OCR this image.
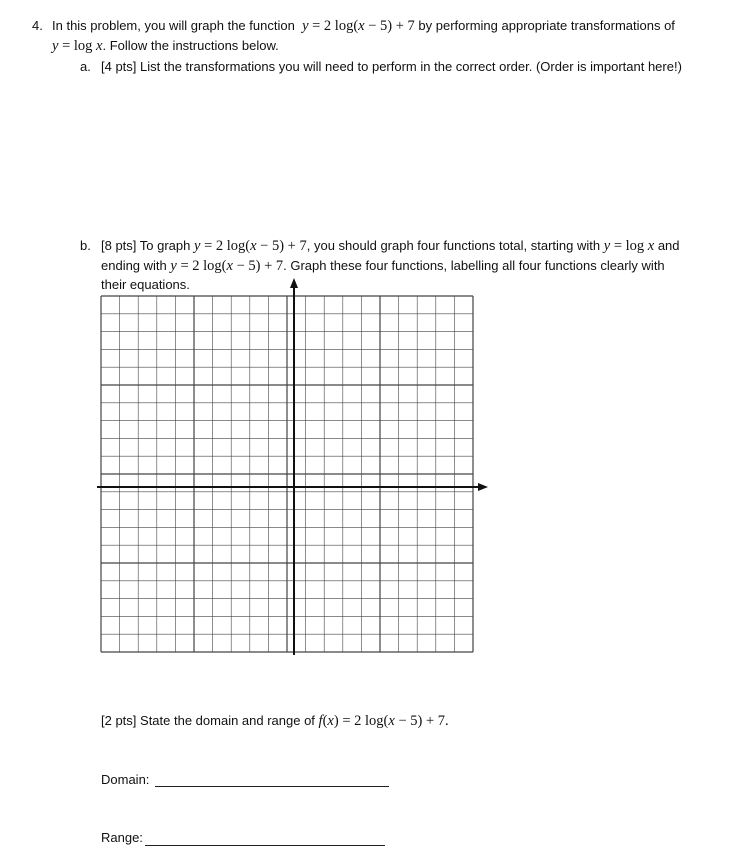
4. In this problem, you will graph the function y = 2 log(x − 5) + 7 by performing appropriate transformations of
y = log x. Follow the instructions below.
a. [4 pts] List the transformations you will need to perform in the correct order. (Order is important here!)
b. [8 pts] To graph y = 2 log(x − 5) + 7, you should graph four functions total, starting with y = log x and
ending with y = 2 log(x − 5) + 7. Graph these four functions, labelling all four functions clearly with
their equations.
[2 pts] State the domain and range of f(x) = 2 log(x − 5) + 7.
Domain:
Range:
